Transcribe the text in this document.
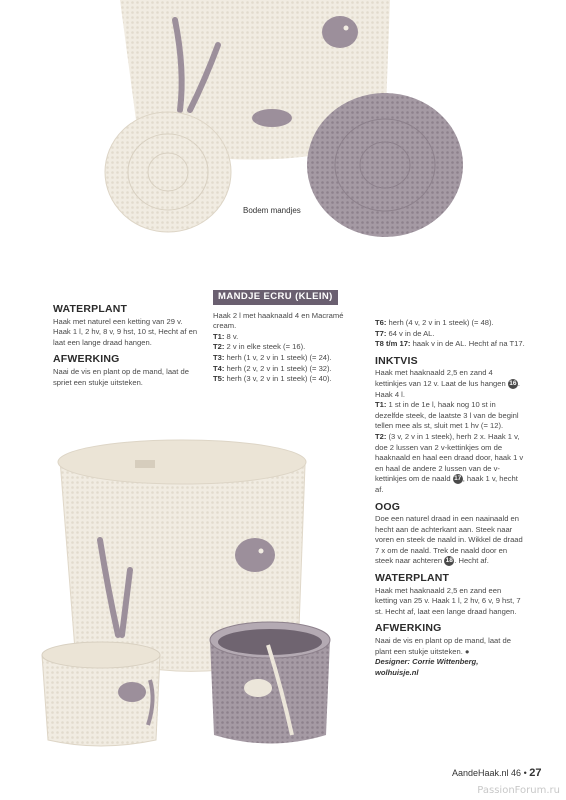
Bodem mandjes
WATERPLANT

Haak met naturel een ketting van 29 v. Haak 1 l, 2 hv, 8 v, 9 hst, 10 st, Hecht af en laat een lange draad hangen.

AFWERKING

Naai de vis en plant op de mand, laat de spriet een stukje uitsteken.

MANDJE ECRU (KLEIN)

Haak 2 l met haaknaald 4 en Macramé cream.

T1: 8 v.

T2: 2 v in elke steek (= 16).

T3: herh (1 v, 2 v in 1 steek) (= 24).

T4: herh (2 v, 2 v in 1 steek) (= 32).

T5: herh (3 v, 2 v in 1 steek) (= 40).

T6: herh (4 v, 2 v in 1 steek) (= 48).

T7: 64 v in de AL.

T8 t/m 17: haak v in de AL. Hecht af na T17.

INKTVIS

Haak met haaknaald 2,5 en zand 4 kettinkjes van 12 v. Laat de lus hangen 16. Haak 4 l.

T1: 1 st in de 1e l, haak nog 10 st in dezelfde steek, de laatste 3 l van de beginl tellen mee als st, sluit met 1 hv (= 12).

T2: (3 v, 2 v in 1 steek), herh 2 x. Haak 1 v, doe 2 lussen van 2 v-kettinkjes om de haaknaald en haal een draad door, haak 1 v en haal de andere 2 lussen van de v-kettinkjes om de naald 17, haak 1 v, hecht af.

OOG

Doe een naturel draad in een naainaald en hecht aan de achterkant aan. Steek naar voren en steek de naald in. Wikkel de draad 7 x om de naald. Trek de naald door en steek naar achteren 18. Hecht af.

WATERPLANT

Haak met haaknaald 2,5 en zand een ketting van 25 v. Haak 1 l, 2 hv, 6 v, 9 hst, 7 st. Hecht af, laat een lange draad hangen.

AFWERKING

Naai de vis en plant op de mand, laat de plant een stukje uitsteken. ●

Designer: Corrie Wittenberg,

wolhuisje.nl

AandeHaak.nl 46 • 27
PassionForum.ru
